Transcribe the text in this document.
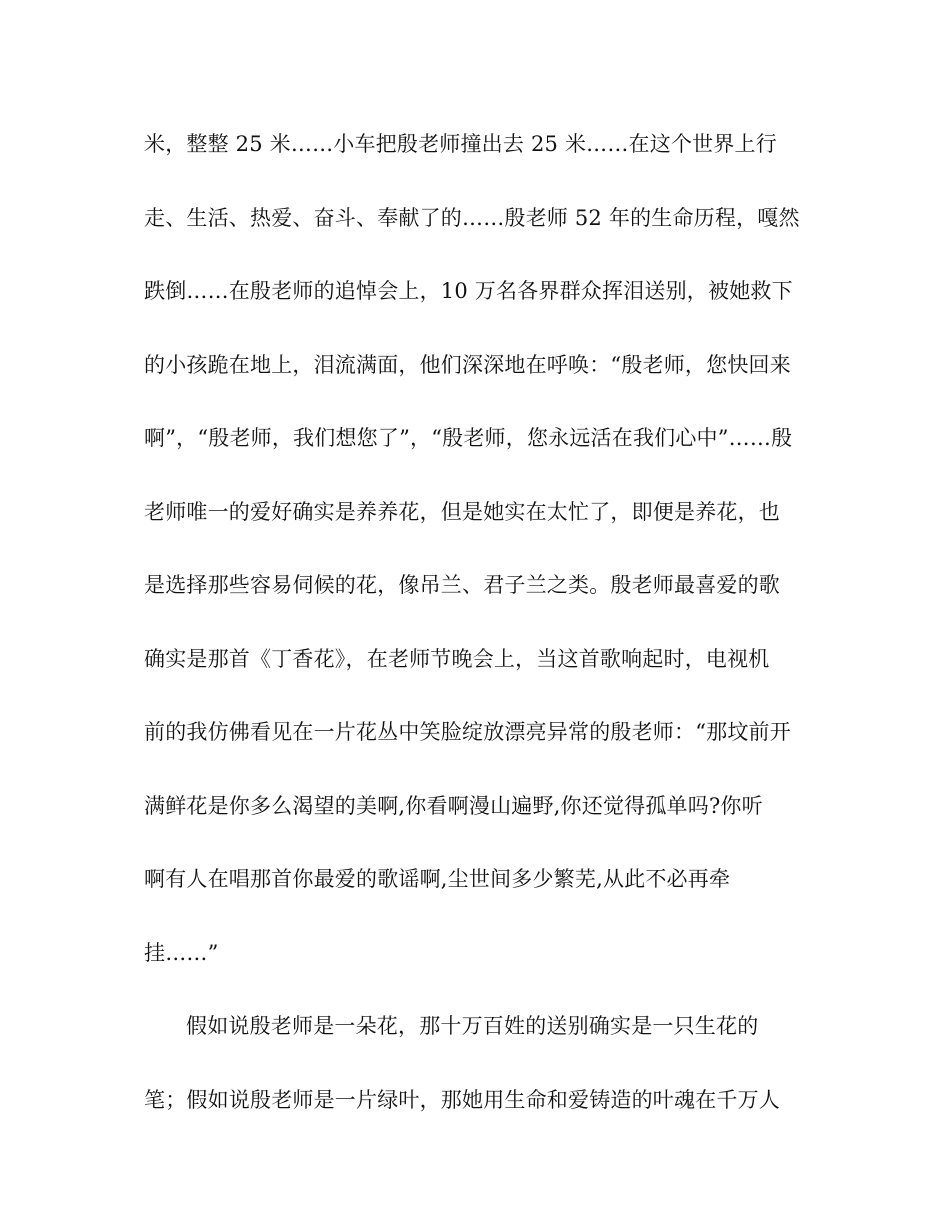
米，整整 25 米……小车把殷老师撞出去 25 米……在这个世界上行
走、生活、热爱、奋斗、奉献了的……殷老师 52 年的生命历程，嘎然
跌倒……在殷老师的追悼会上，10 万名各界群众挥泪送别，被她救下
的小孩跪在地上，泪流满面，他们深深地在呼唤：“殷老师，您快回来
啊”，“殷老师，我们想您了”，“殷老师，您永远活在我们心中”……殷
老师唯一的爱好确实是养养花，但是她实在太忙了，即便是养花，也
是选择那些容易伺候的花，像吊兰、君子兰之类。殷老师最喜爱的歌
确实是那首《丁香花》，在老师节晚会上，当这首歌响起时，电视机
前的我仿佛看见在一片花丛中笑脸绽放漂亮异常的殷老师：“那坟前开
满鲜花是你多么渴望的美啊,你看啊漫山遍野,你还觉得孤单吗?你听
啊有人在唱那首你最爱的歌谣啊,尘世间多少繁芜,从此不必再牵
挂……”
假如说殷老师是一朵花，那十万百姓的送别确实是一只生花的
笔；假如说殷老师是一片绿叶，那她用生命和爱铸造的叶魂在千万人
